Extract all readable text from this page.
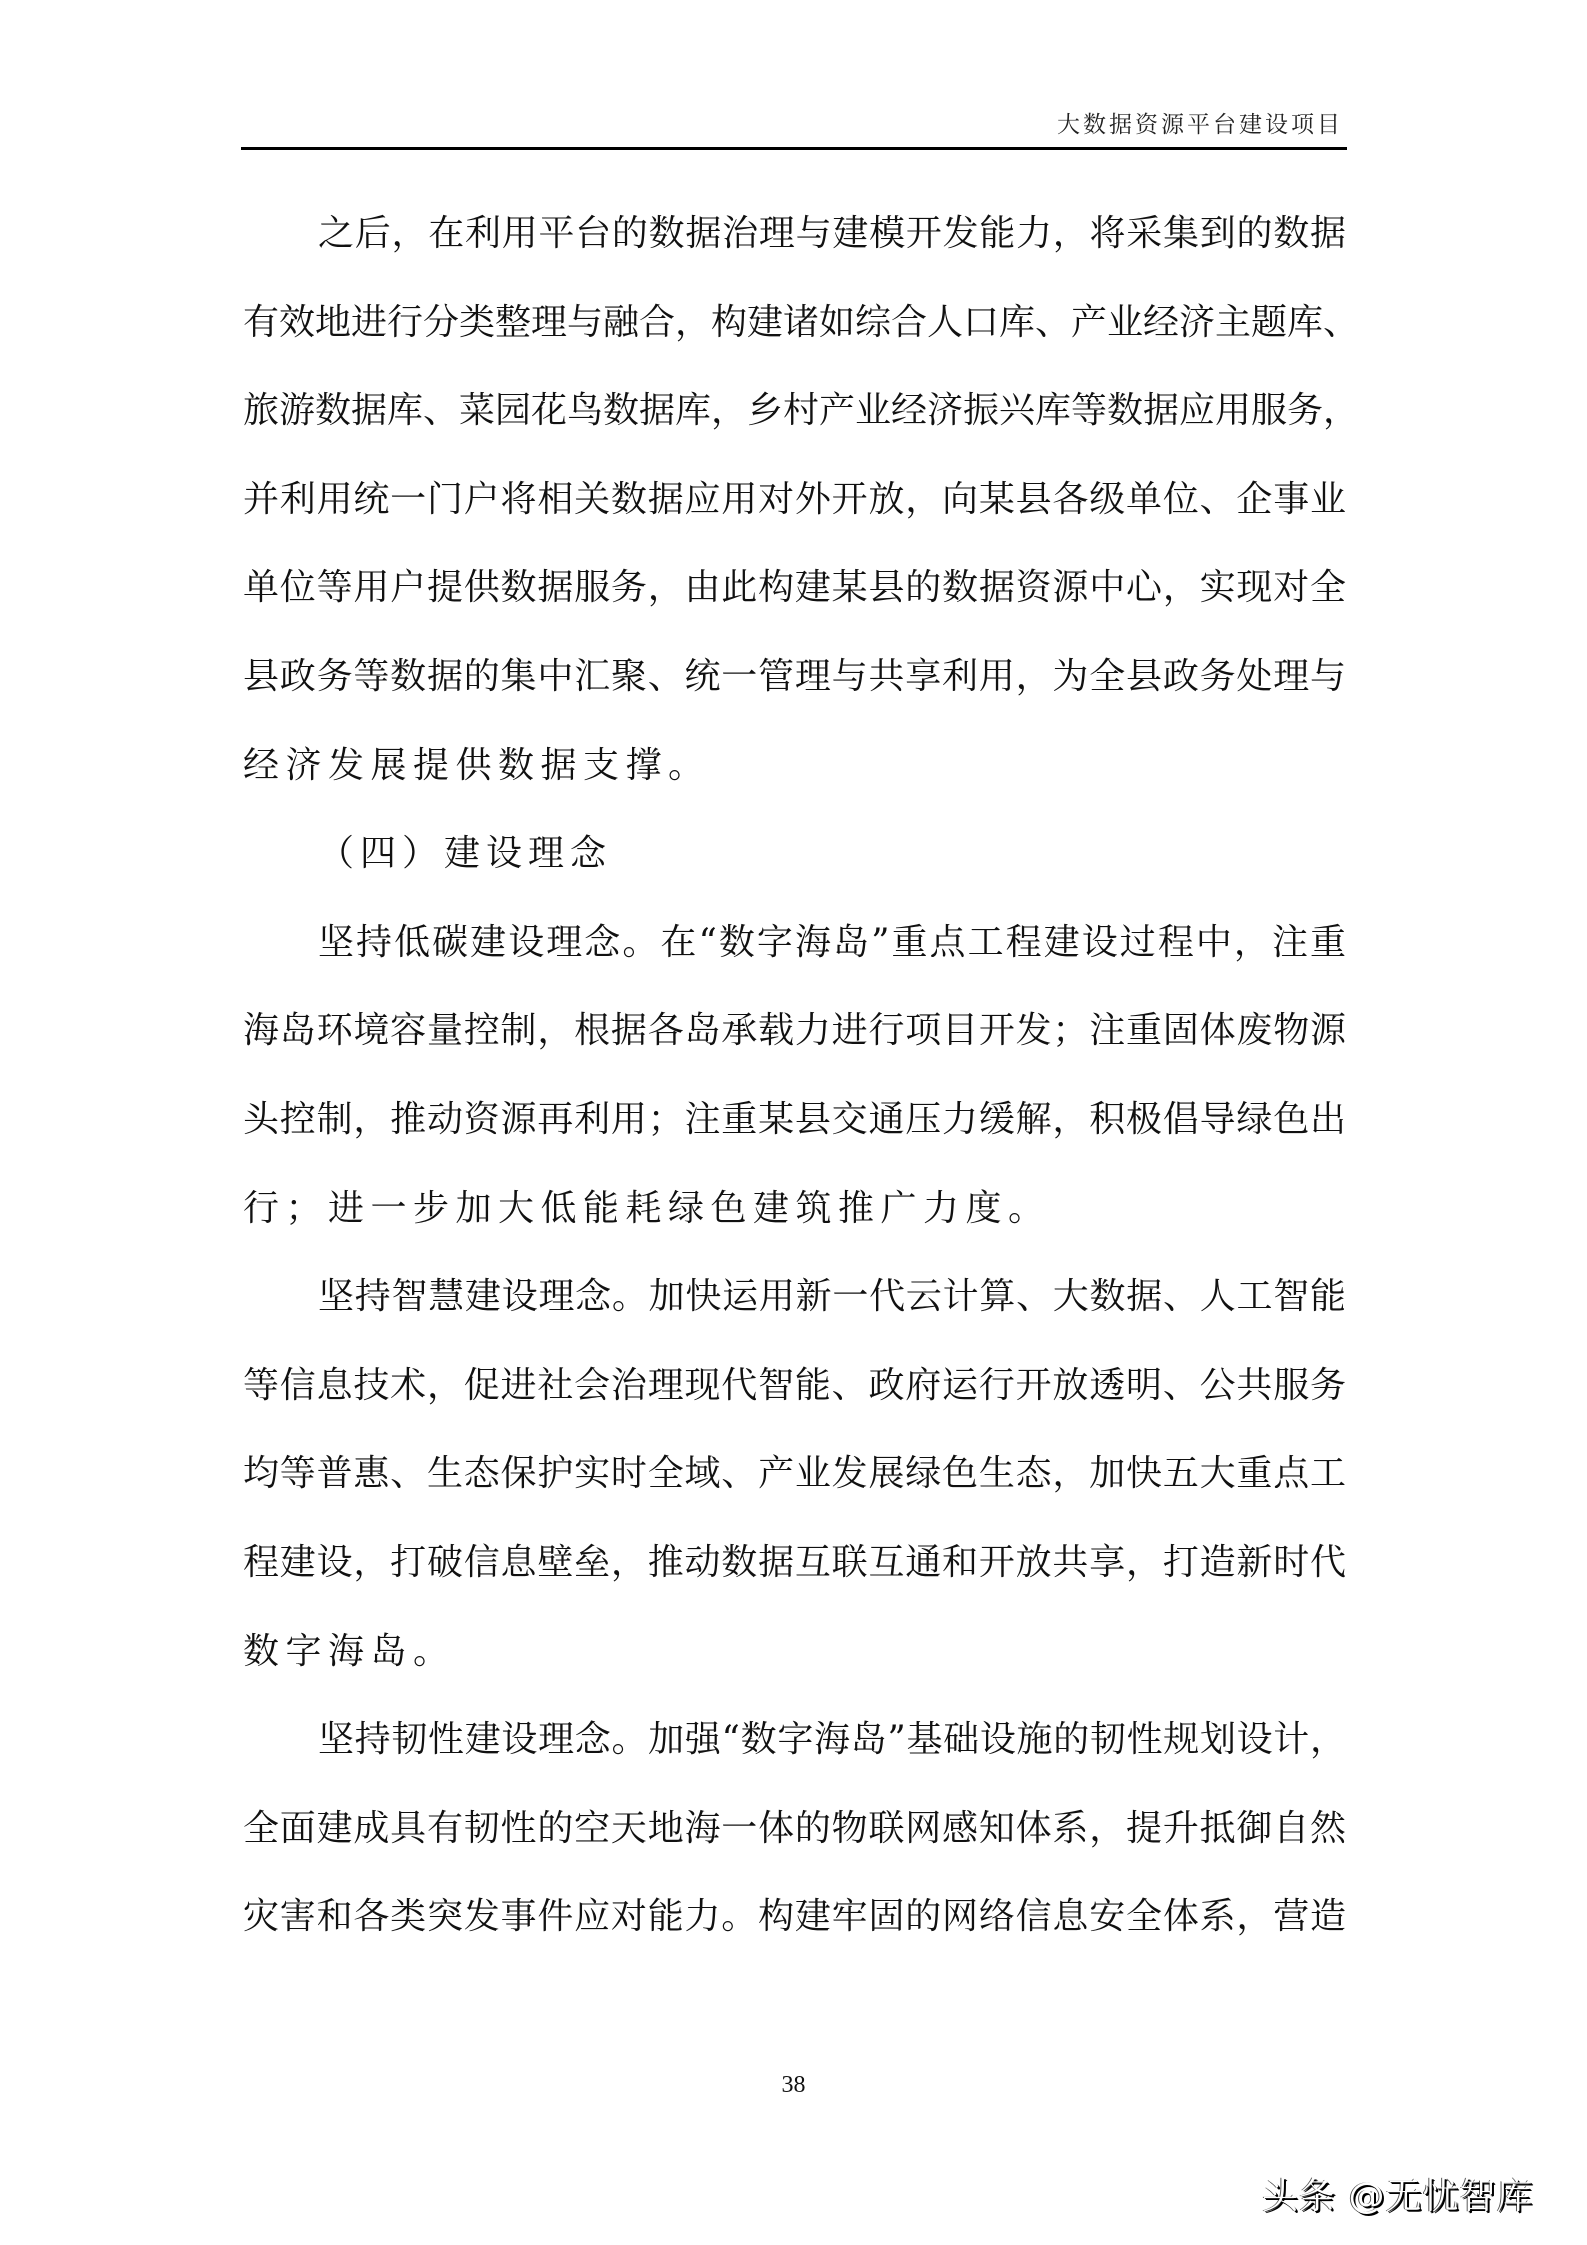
大数据资源平台建设项目
之后，在利用平台的数据治理与建模开发能力，将采集到的数据
有效地进行分类整理与融合，构建诸如综合人口库、产业经济主题库、
旅游数据库、菜园花鸟数据库，乡村产业经济振兴库等数据应用服务，
并利用统一门户将相关数据应用对外开放，向某县各级单位、企事业
单位等用户提供数据服务，由此构建某县的数据资源中心，实现对全
县政务等数据的集中汇聚、统一管理与共享利用，为全县政务处理与
经济发展提供数据支撑。
（四）建设理念
坚持低碳建设理念。在“数字海岛”重点工程建设过程中，注重
海岛环境容量控制，根据各岛承载力进行项目开发；注重固体废物源
头控制，推动资源再利用；注重某县交通压力缓解，积极倡导绿色出
行；进一步加大低能耗绿色建筑推广力度。
坚持智慧建设理念。加快运用新一代云计算、大数据、人工智能
等信息技术，促进社会治理现代智能、政府运行开放透明、公共服务
均等普惠、生态保护实时全域、产业发展绿色生态，加快五大重点工
程建设，打破信息壁垒，推动数据互联互通和开放共享，打造新时代
数字海岛。
坚持韧性建设理念。加强“数字海岛”基础设施的韧性规划设计，
全面建成具有韧性的空天地海一体的物联网感知体系，提升抵御自然
灾害和各类突发事件应对能力。构建牢固的网络信息安全体系，营造
38
头条 @无忧智库
